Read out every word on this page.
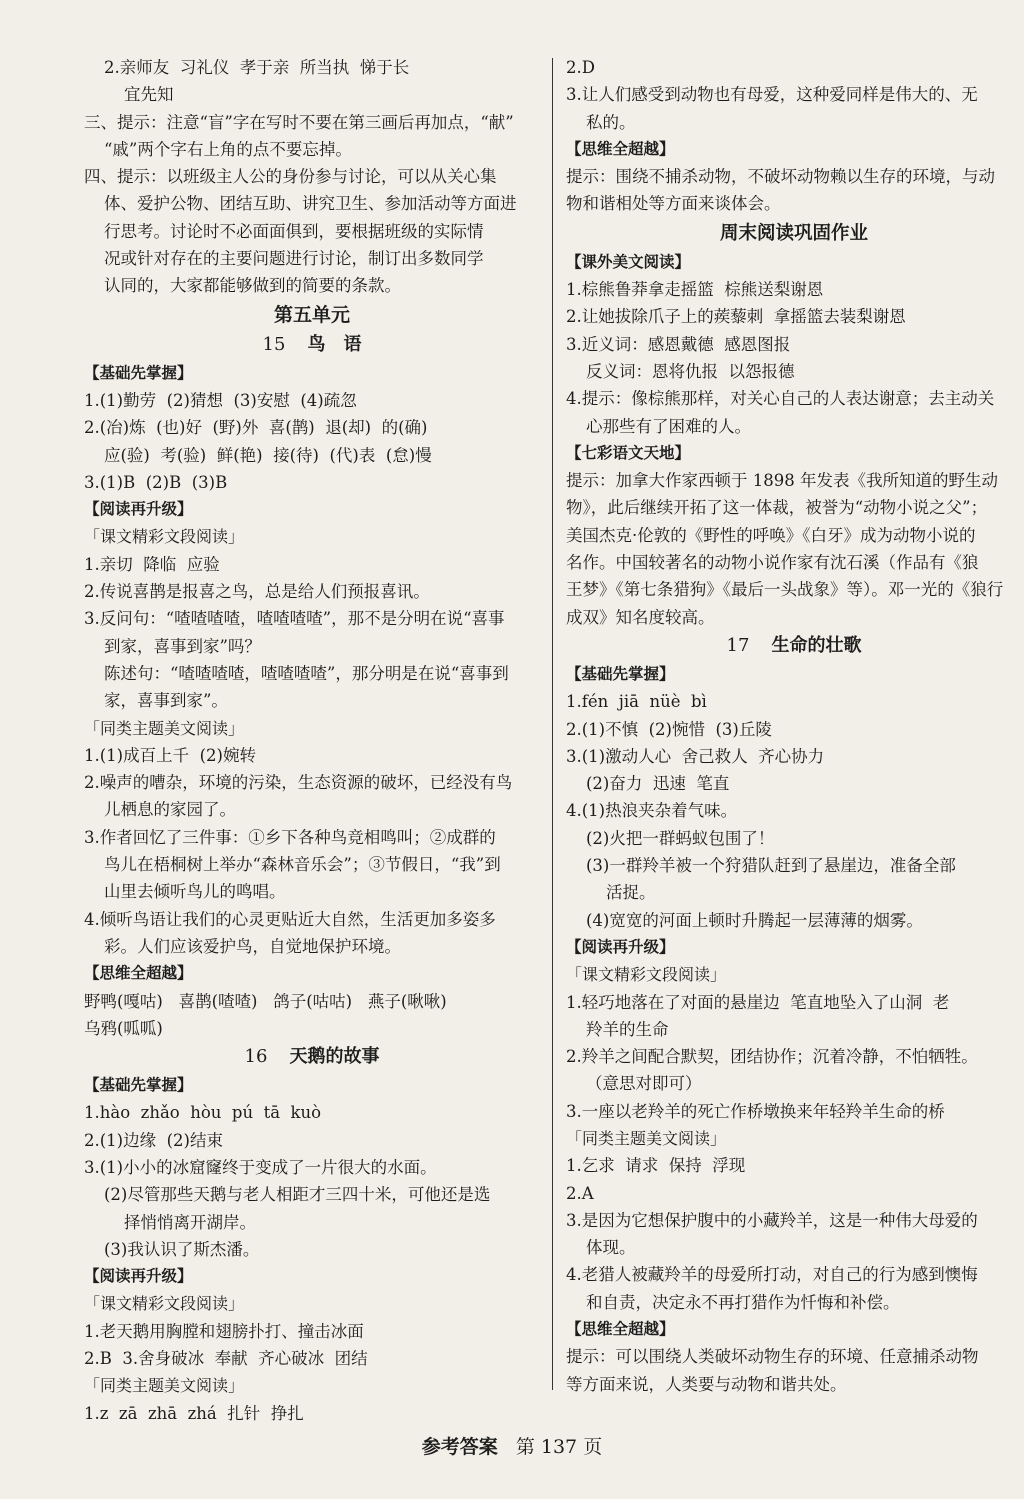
2.亲师友  习礼仪  孝于亲  所当执  悌于长
宜先知
三、提示：注意“盲”字在写时不要在第三画后再加点，“献”
“戚”两个字右上角的点不要忘掉。
四、提示：以班级主人公的身份参与讨论，可以从关心集
体、爱护公物、团结互助、讲究卫生、参加活动等方面进
行思考。讨论时不必面面俱到，要根据班级的实际情
况或针对存在的主要问题进行讨论，制订出多数同学
认同的，大家都能够做到的简要的条款。
第五单元
15 鸟　语
【基础先掌握】
1.(1)勤劳  (2)猜想  (3)安慰  (4)疏忽
2.(冶)炼  (也)好  (野)外  喜(鹊)  退(却)  的(确)
应(验)  考(验)  鲜(艳)  接(待)  (代)表  (怠)慢
3.(1)B  (2)B  (3)B
【阅读再升级】
「课文精彩文段阅读」
1.亲切  降临  应验
2.传说喜鹊是报喜之鸟，总是给人们预报喜讯。
3.反问句：“喳喳喳喳，喳喳喳喳”，那不是分明在说“喜事
到家，喜事到家”吗？
陈述句：“喳喳喳喳，喳喳喳喳”，那分明是在说“喜事到
家，喜事到家”。
「同类主题美文阅读」
1.(1)成百上千  (2)婉转
2.噪声的嘈杂，环境的污染，生态资源的破坏，已经没有鸟
儿栖息的家园了。
3.作者回忆了三件事：①乡下各种鸟竞相鸣叫；②成群的
鸟儿在梧桐树上举办“森林音乐会”；③节假日，“我”到
山里去倾听鸟儿的鸣唱。
4.倾听鸟语让我们的心灵更贴近大自然，生活更加多姿多
彩。人们应该爱护鸟，自觉地保护环境。
【思维全超越】
野鸭(嘎咕)   喜鹊(喳喳)   鸽子(咕咕)   燕子(啾啾)
乌鸦(呱呱)
16 天鹅的故事
【基础先掌握】
1.hào  zhǎo  hòu  pú  tā  kuò
2.(1)边缘  (2)结束
3.(1)小小的冰窟窿终于变成了一片很大的水面。
(2)尽管那些天鹅与老人相距才三四十米，可他还是选
择悄悄离开湖岸。
(3)我认识了斯杰潘。
【阅读再升级】
「课文精彩文段阅读」
1.老天鹅用胸膛和翅膀扑打、撞击冰面
2.B  3.舍身破冰  奉献  齐心破冰  团结
「同类主题美文阅读」
1.z  zā  zhā  zhá  扎针  挣扎
2.D
3.让人们感受到动物也有母爱，这种爱同样是伟大的、无
私的。
【思维全超越】
提示：围绕不捕杀动物，不破坏动物赖以生存的环境，与动
物和谐相处等方面来谈体会。
周末阅读巩固作业
【课外美文阅读】
1.棕熊鲁莽拿走摇篮  棕熊送梨谢恩
2.让她拔除爪子上的蒺藜刺  拿摇篮去装梨谢恩
3.近义词：感恩戴德  感恩图报
反义词：恩将仇报  以怨报德
4.提示：像棕熊那样，对关心自己的人表达谢意；去主动关
心那些有了困难的人。
【七彩语文天地】
提示：加拿大作家西顿于 1898 年发表《我所知道的野生动
物》，此后继续开拓了这一体裁，被誉为“动物小说之父”；
美国杰克·伦敦的《野性的呼唤》《白牙》成为动物小说的
名作。中国较著名的动物小说作家有沈石溪（作品有《狼
王梦》《第七条猎狗》《最后一头战象》等）。邓一光的《狼行
成双》知名度较高。
17 生命的壮歌
【基础先掌握】
1.fén  jiā  nüè  bì
2.(1)不慎  (2)惋惜  (3)丘陵
3.(1)激动人心  舍己救人  齐心协力
(2)奋力  迅速  笔直
4.(1)热浪夹杂着气味。
(2)火把一群蚂蚁包围了！
(3)一群羚羊被一个狩猎队赶到了悬崖边，准备全部
活捉。
(4)宽宽的河面上顿时升腾起一层薄薄的烟雾。
【阅读再升级】
「课文精彩文段阅读」
1.轻巧地落在了对面的悬崖边  笔直地坠入了山洞  老
羚羊的生命
2.羚羊之间配合默契，团结协作；沉着冷静，不怕牺牲。
（意思对即可）
3.一座以老羚羊的死亡作桥墩换来年轻羚羊生命的桥
「同类主题美文阅读」
1.乞求  请求  保持  浮现
2.A
3.是因为它想保护腹中的小藏羚羊，这是一种伟大母爱的
体现。
4.老猎人被藏羚羊的母爱所打动，对自己的行为感到懊悔
和自责，决定永不再打猎作为忏悔和补偿。
【思维全超越】
提示：可以围绕人类破坏动物生存的环境、任意捕杀动物
等方面来说，人类要与动物和谐共处。
参考答案 第 137 页
